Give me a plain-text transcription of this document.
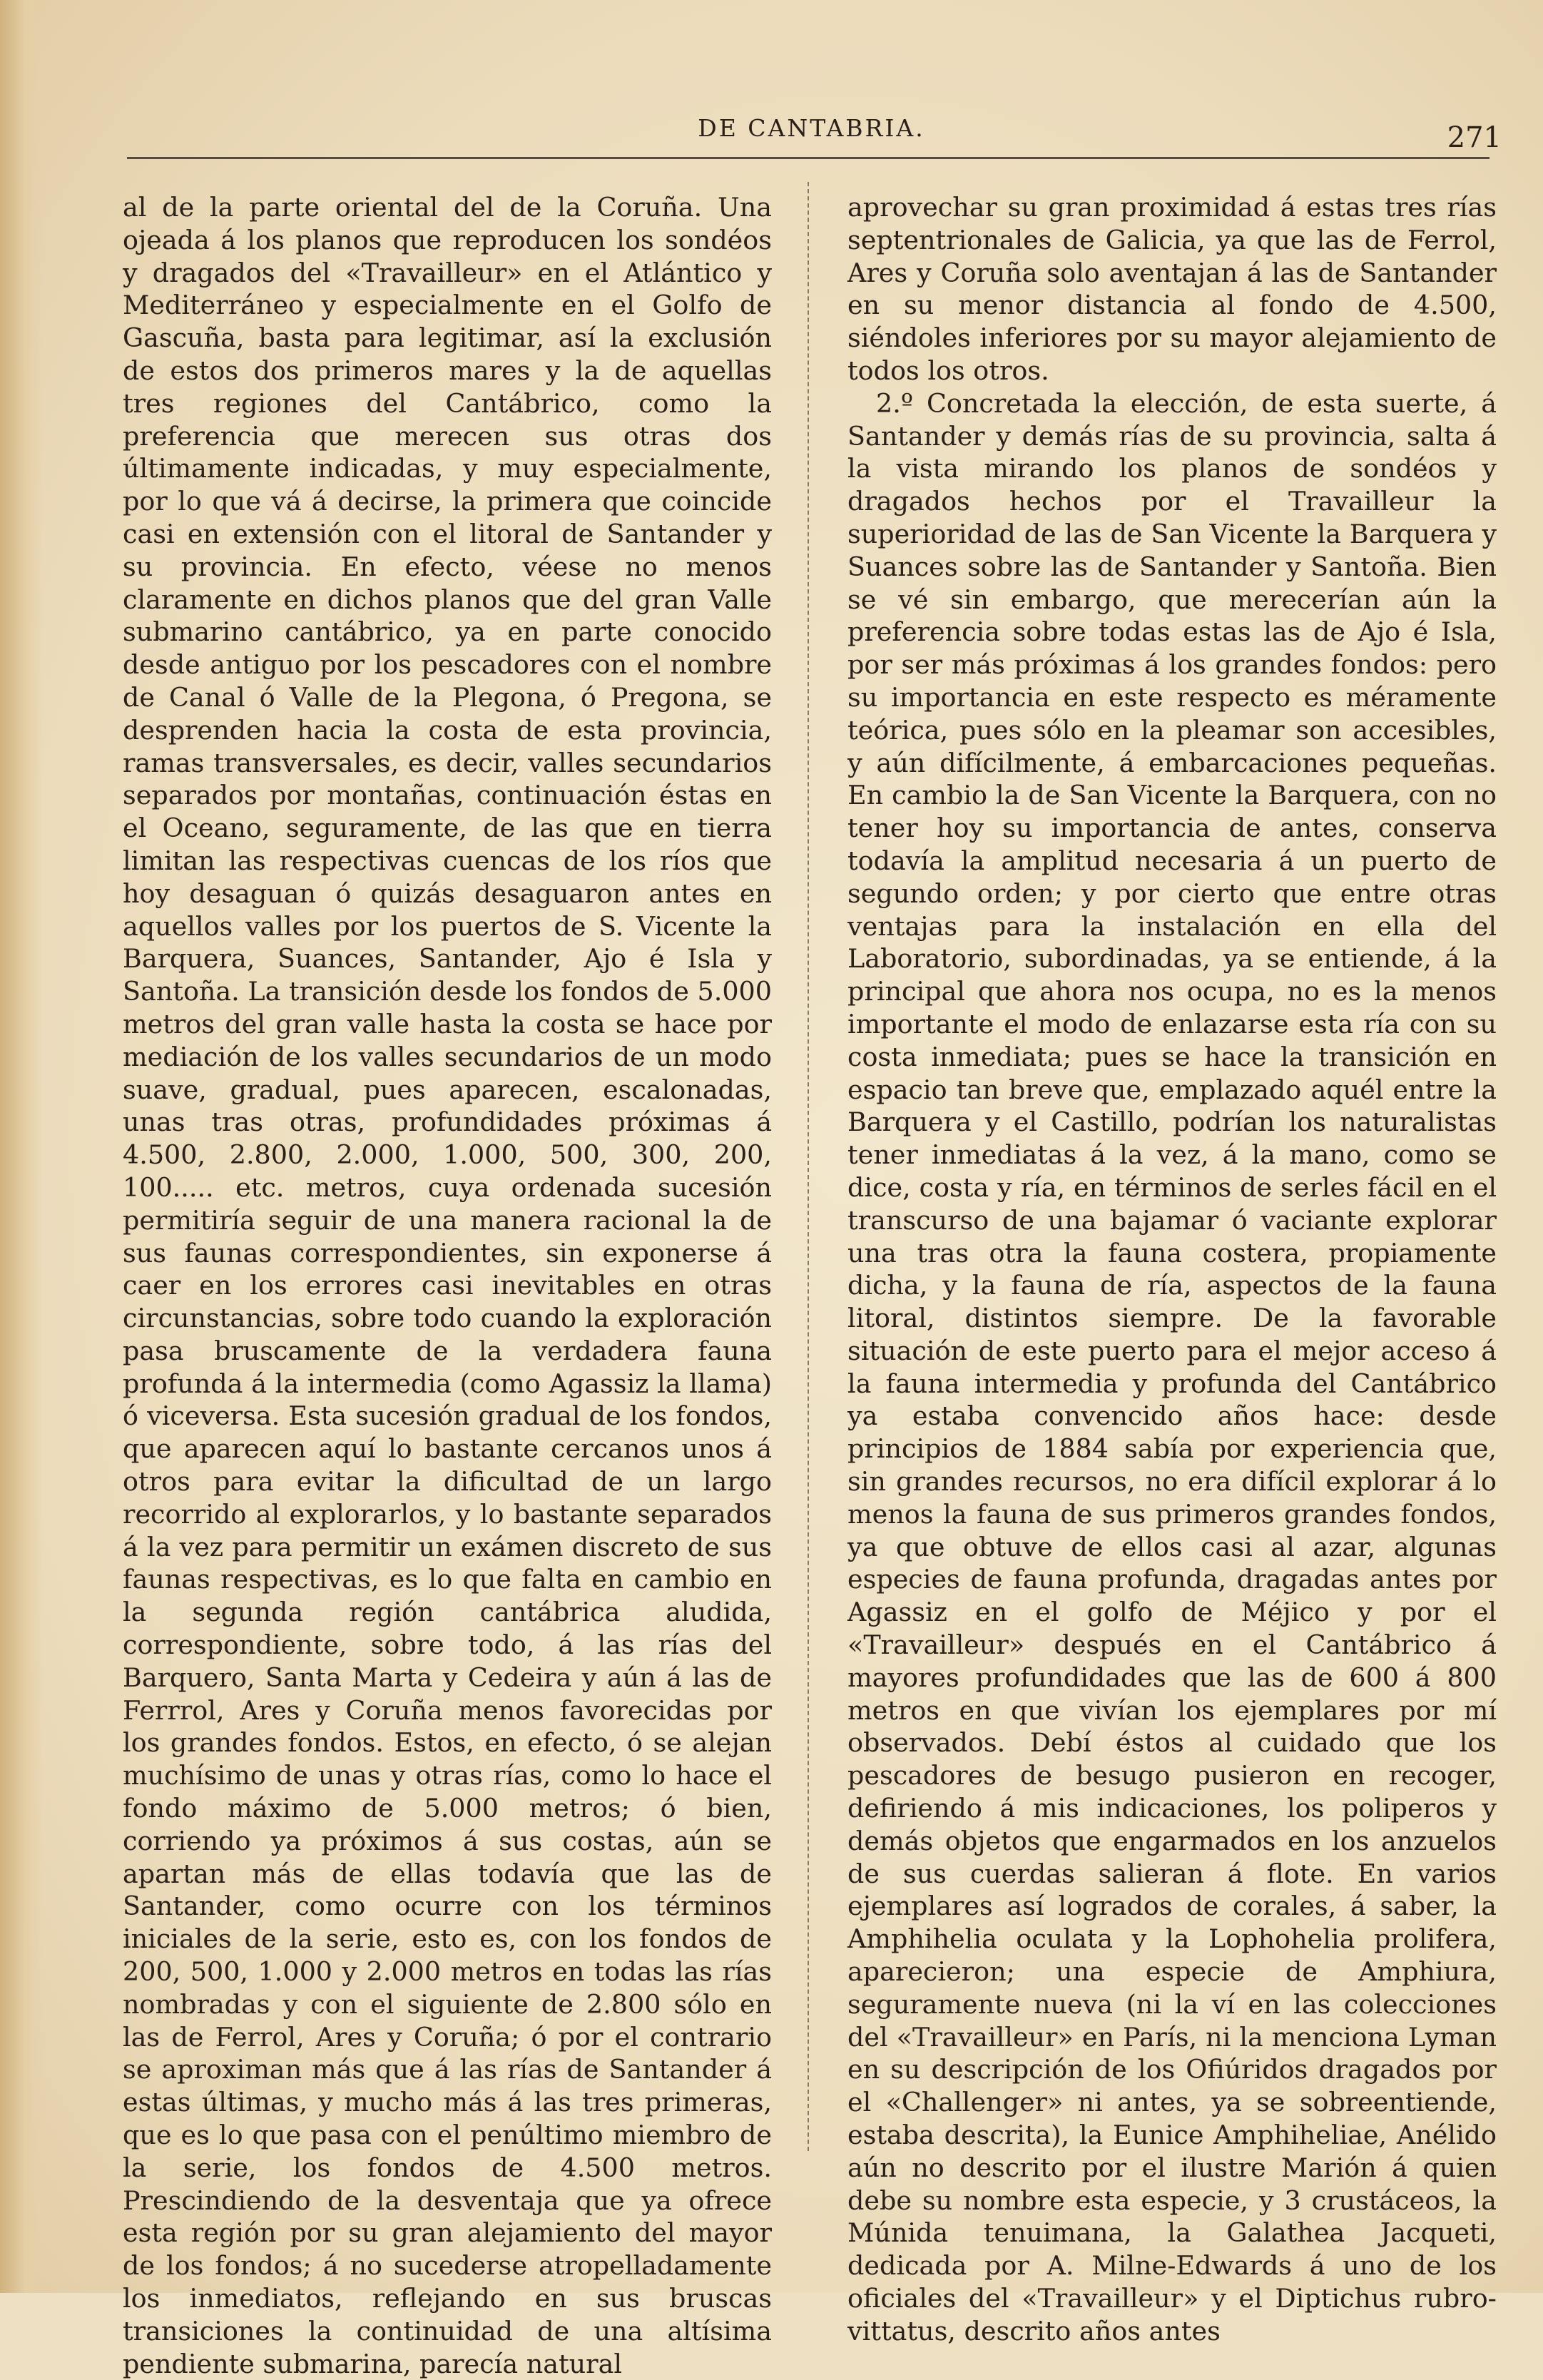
DE CANTABRIA.	271

al de la parte oriental del de la Coruña. Una ojeada á los planos que reproducen los sondéos y dragados del «Travailleur» en el Atlántico y Mediterráneo y especialmente en el Golfo de Gascuña, basta para legitimar, así la exclusión de estos dos primeros mares y la de aquellas tres regiones del Cantábrico, como la preferencia que merecen sus otras dos últimamente indicadas, y muy especialmente, por lo que vá á decirse, la primera que coincide casi en extensión con el litoral de Santander y su provincia. En efecto, véese no menos claramente en dichos planos que del gran Valle submarino cantábrico, ya en parte conocido desde antiguo por los pescadores con el nombre de Canal ó Valle de la Plegona, ó Pregona, se desprenden hacia la costa de esta provincia, ramas transversales, es decir, valles secundarios separados por montañas, continuación éstas en el Oceano, seguramente, de las que en tierra limitan las respectivas cuencas de los ríos que hoy desaguan ó quizás desaguaron antes en aquellos valles por los puertos de S. Vicente la Barquera, Suances, Santander, Ajo é Isla y Santoña. La transición desde los fondos de 5.000 metros del gran valle hasta la costa se hace por mediación de los valles secundarios de un modo suave, gradual, pues aparecen, escalonadas, unas tras otras, profundidades próximas á 4.500, 2.800, 2.000, 1.000, 500, 300, 200, 100..... etc. metros, cuya ordenada sucesión permitiría seguir de una manera racional la de sus faunas correspondientes, sin exponerse á caer en los errores casi inevitables en otras circunstancias, sobre todo cuando la exploración pasa bruscamente de la verdadera fauna profunda á la intermedia (como Agassiz la llama) ó viceversa. Esta sucesión gradual de los fondos, que aparecen aquí lo bastante cercanos unos á otros para evitar la dificultad de un largo recorrido al explorarlos, y lo bastante separados á la vez para permitir un exámen discreto de sus faunas respectivas, es lo que falta en cambio en la segunda región cantábrica aludida, correspondiente, sobre todo, á las rías del Barquero, Santa Marta y Cedeira y aún á las de Ferrrol, Ares y Coruña menos favorecidas por los grandes fondos. Estos, en efecto, ó se alejan muchísimo de unas y otras rías, como lo hace el fondo máximo de 5.000 metros; ó bien, corriendo ya próximos á sus costas, aún se apartan más de ellas todavía que las de Santander, como ocurre con los términos iniciales de la serie, esto es, con los fondos de 200, 500, 1.000 y 2.000 metros en todas las rías nombradas y con el siguiente de 2.800 sólo en las de Ferrol, Ares y Coruña; ó por el contrario se aproximan más que á las rías de Santander á estas últimas, y mucho más á las tres primeras, que es lo que pasa con el penúltimo miembro de la serie, los fondos de 4.500 metros. Prescindiendo de la desventaja que ya ofrece esta región por su gran alejamiento del mayor de los fondos; á no sucederse atropelladamente los inmediatos, reflejando en sus bruscas transiciones la continuidad de una altísima pendiente submarina, parecía natural

aprovechar su gran proximidad á estas tres rías septentrionales de Galicia, ya que las de Ferrol, Ares y Coruña solo aventajan á las de Santander en su menor distancia al fondo de 4.500, siéndoles inferiores por su mayor alejamiento de todos los otros.

2.º Concretada la elección, de esta suerte, á Santander y demás rías de su provincia, salta á la vista mirando los planos de sondéos y dragados hechos por el Travailleur la superioridad de las de San Vicente la Barquera y Suances sobre las de Santander y Santoña. Bien se vé sin embargo, que merecerían aún la preferencia sobre todas estas las de Ajo é Isla, por ser más próximas á los grandes fondos: pero su importancia en este respecto es méramente teórica, pues sólo en la pleamar son accesibles, y aún difícilmente, á embarcaciones pequeñas. En cambio la de San Vicente la Barquera, con no tener hoy su importancia de antes, conserva todavía la amplitud necesaria á un puerto de segundo orden; y por cierto que entre otras ventajas para la instalación en ella del Laboratorio, subordinadas, ya se entiende, á la principal que ahora nos ocupa, no es la menos importante el modo de enlazarse esta ría con su costa inmediata; pues se hace la transición en espacio tan breve que, emplazado aquél entre la Barquera y el Castillo, podrían los naturalistas tener inmediatas á la vez, á la mano, como se dice, costa y ría, en términos de serles fácil en el transcurso de una bajamar ó vaciante explorar una tras otra la fauna costera, propiamente dicha, y la fauna de ría, aspectos de la fauna litoral, distintos siempre. De la favorable situación de este puerto para el mejor acceso á la fauna intermedia y profunda del Cantábrico ya estaba convencido años hace: desde principios de 1884 sabía por experiencia que, sin grandes recursos, no era difícil explorar á lo menos la fauna de sus primeros grandes fondos, ya que obtuve de ellos casi al azar, algunas especies de fauna profunda, dragadas antes por Agassiz en el golfo de Méjico y por el «Travailleur» después en el Cantábrico á mayores profundidades que las de 600 á 800 metros en que vivían los ejemplares por mí observados. Debí éstos al cuidado que los pescadores de besugo pusieron en recoger, defiriendo á mis indicaciones, los poliperos y demás objetos que engarmados en los anzuelos de sus cuerdas salieran á flote. En varios ejemplares así logrados de corales, á saber, la Amphihelia oculata y la Lophohelia prolifera, aparecieron; una especie de Amphiura, seguramente nueva (ni la ví en las colecciones del «Travailleur» en París, ni la menciona Lyman en su descripción de los Ofiúridos dragados por el «Challenger» ni antes, ya se sobreentiende, estaba descrita), la Eunice Amphiheliae, Anélido aún no descrito por el ilustre Marión á quien debe su nombre esta especie, y 3 crustáceos, la Múnida tenuimana, la Galathea Jacqueti, dedicada por A. Milne-Edwards á uno de los oficiales del «Travailleur» y el Diptichus rubro-vittatus, descrito años antes
